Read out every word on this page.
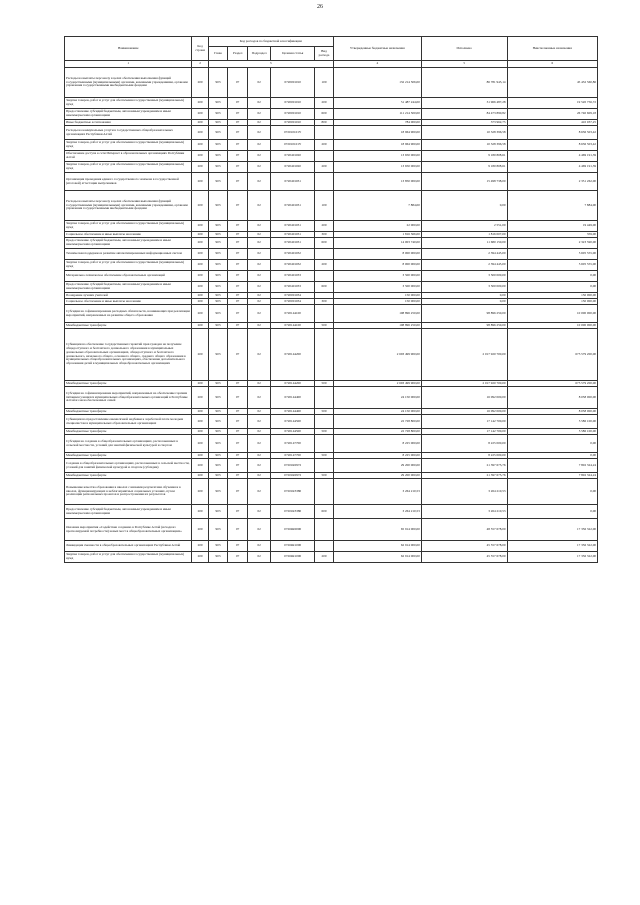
26
Наименование	Код строки	Код расходов по бюджетной классификации					Утвержденные бюджетные назначения	Исполнено	Неисполненные назначения
		Глава	Раздел	Подраздел	Целевая статья	Вид расхода			
1	2	3					4	5	6
Расходы на выплаты персоналу в целях обеспечения выполнения функций государственными (муниципальными) органами, казенными учреждениями, органами управления государственными внебюджетными фондами	200	903	07	02	0720001010	100	132 214 506,00	86 781 945,14	45 432 560,86
Закупка товаров, работ и услуг для обеспечения государственных (муниципальных) нужд	200	903	07	02	0720001010	200	51 487 244,00	31 966 487,28	19 520 756,72
Предоставление субсидий бюджетным, автономным учреждениям и иным некоммерческим организациям	200	903	07	02	0720001010	600	111 214 500,00	84 473 890,82	26 740 609,18
Иные бюджетные ассигнования	200	903	07	02	0720001010	800	784 000,00	373 962,75	410 037,25
Расходы на коммунальные услуги в государственных общеобразовательных организациях Республики Алтай	200	903	07	02	072010101Y		18 964 900,00	10 328 396,58	8 636 503,42
Закупка товаров, работ и услуг для обеспечения государственных (муниципальных) нужд	200	903	07	02	072010101Y	200	18 964 900,00	10 328 396,58	8 636 503,42
Обеспечение доступа к сети Интернет в образовательных организациях Республики Алтай	200	903	07	02	0720401020		13 650 000,00	9 180 808,61	4 469 191,39
Закупка товаров, работ и услуг для обеспечения государственных (муниципальных) нужд	200	903	07	02	0720401020	200	13 650 000,00	9 180 808,61	4 469 191,39
Организация проведения единого государственного экзамена в государственной (итоговой) аттестации выпускников	200	903	07	02	0720401031		13 850 000,00	15 498 738,00	2 351 262,00
Расходы на выплаты персоналу в целях обеспечения выполнения функций государственными (муниципальными) органами, казенными учреждениями, органами управления государственными внебюджетными фондами	200	903	07	02	0720401031	100	7 884,00	0,00	7 884,00
Закупка товаров, работ и услуг для обеспечения государственных (муниципальных) нужд	200	903	07	02	0720401031	200	22 000,00	2 551,00	19 449,00
Социальное обеспечение и иные выплаты населению	200	903	07	02	0720401031	300	1 816 366,00	1 816 007,00	359,00
Предоставление субсидий бюджетным, автономным учреждениям и иным некоммерческим организациям	200	903	07	02	0720401031	600	14 003 740,00	11 680 150,00	2 323 590,00
Техническая поддержка и развитие автоматизированных информационных систем	200	903	07	02	0720401032		8 000 000,00	2 394 445,00	5 605 555,00
Закупка товаров, работ и услуг для обеспечения государственных (муниципальных) нужд	200	903	07	02	0720401032	200	8 000 000,00	2 394 445,00	5 605 555,00
Материально-техническое обеспечение образовательных организаций	200	903	07	02	0720401033		3 500 000,00	3 500 000,00	0,00
Предоставление субсидий бюджетным, автономным учреждениям и иным некоммерческим организациям	200	903	07	02	0720401033	600	3 500 000,00	3 500 000,00	0,00
Поощрение лучших учителей	200	903	07	02	0720001034		150 000,00	0,00	150 000,00
Социальное обеспечение и иные выплаты населению	200	903	07	02	0720001034	300	150 000,00	0,00	150 000,00
Субсидии на софинансирование расходных обязательств, возникающих при реализации мероприятий, направленных на развитие общего образования	200	903	07	02	0720144100		108 896 250,00	98 896 250,00	10 000 000,00
Межбюджетные трансферты	200	903	07	02	0720144100	500	108 896 250,00	98 896 250,00	10 000 000,00
Субвенции на обеспечение государственных гарантий прав граждан на получение общедоступного и бесплатного дошкольного образования в муниципальных дошкольных образовательных организациях, общедоступного и бесплатного дошкольного, начального общего, основного общего, среднего общего образования в муниципальных общеобразовательных организациях, обеспечение дополнительного образования детей в муниципальных общеобразовательных организациях	200	903	07	02	0720144200		2 693 499 900,00	2 017 920 700,00	675 579 200,00
Межбюджетные трансферты	200	903	07	02	0720144200	500	2 693 499 900,00	2 017 920 700,00	675 579 200,00
Субсидии на софинансирование мероприятий, направленных на обеспечение горячим питанием учащихся муниципальных общеобразовательных организаций в Республике Алтай из малообеспеченных семей	200	903	07	02	0720144400		24 150 000,00	16 092 000,00	8 058 000,00
Межбюджетные трансферты	200	903	07	02	0720144400	500	24 150 000,00	16 092 000,00	8 058 000,00
Субвенции на предоставление ежемесячной надбавки к заработной плате молодым специалистам в муниципальных образовательных организациях	200	903	07	02	0720144500		22 728 800,00	17 142 700,00	5 586 100,00
Межбюджетные трансферты	200	903	07	02	0720144500	500	22 728 800,00	17 142 700,00	5 586 100,00
Субсидии на создание в общеобразовательных организациях, расположенных в сельской местности, условий для занятий физической культурой и спортом	200	903	07	02	0720147700		8 225 000,00	8 225 000,00	0,00
Межбюджетные трансферты	200	903	07	02	0720147700	500	8 225 000,00	8 225 000,00	0,00
Создание в общеобразовательных организациях, расположенных в сельской местности, условий для занятий физической культурой и спортом (субсидии)	200	903	07	02	07201R0972		29 200 000,00	21 397 675,76	7 802 324,24
Межбюджетные трансферты	200	903	07	02	07201R0972	500	29 200 000,00	21 397 675,76	7 802 324,24
Повышение качества образования в школах с низкими результатами обучения и в школах, функционирующих в неблагоприятных социальных условиях, путем реализации региональных проектов и распространения их результатов	200	903	07	02	07201R3380		3 264 210,53	3 264 210,53	0,00
Предоставление субсидий бюджетным, автономным учреждениям и иным некоммерческим организациям	200	903	07	02	07201R3380	600	3 264 210,53	3 264 210,53	0,00
Оказание мероприятия «Содействие созданию в Республике Алтай (исходя из прогнозируемой потребности) новых мест в общеобразовательных организациях»	200	903	07	02	07204R0000		65 914 000,00	48 557 678,00	17 356 322,00
Ликвидация сменности в общеобразовательных организациях Республики Алтай	200	903	07	02	07204R1000		62 914 000,00	45 557 678,00	17 356 322,00
Закупка товаров, работ и услуг для обеспечения государственных (муниципальных) нужд	200	903	07	02	07204R1000	200	62 914 000,00	45 557 678,00	17 356 322,00
